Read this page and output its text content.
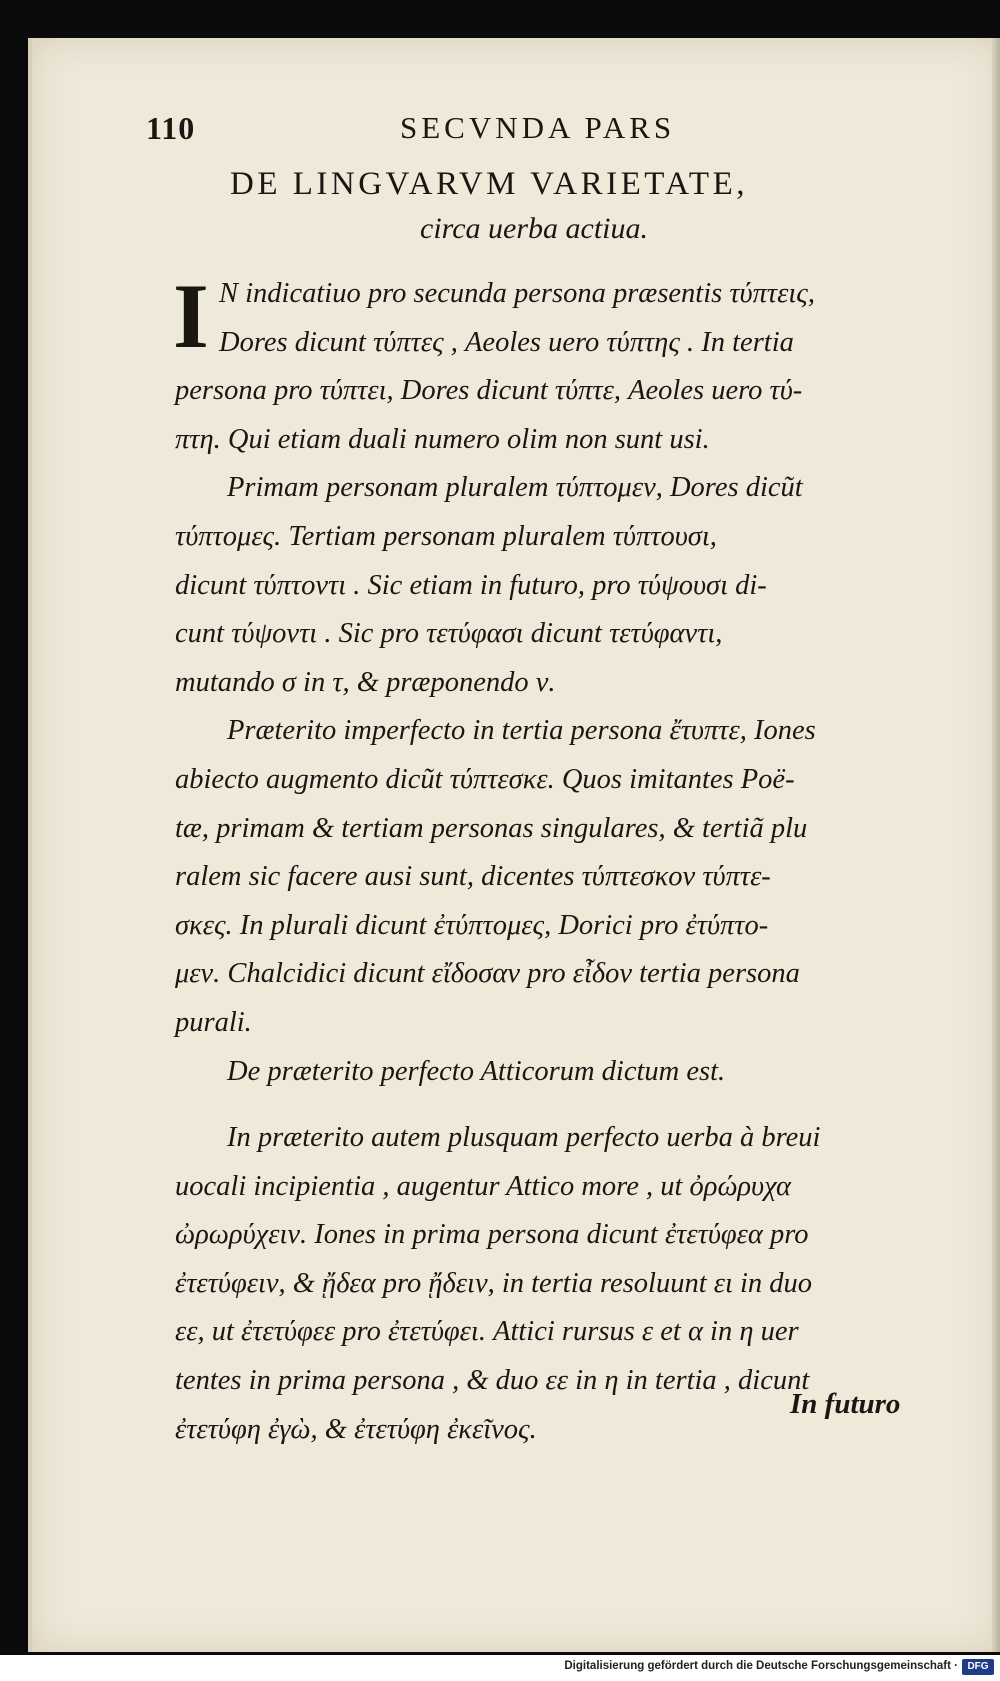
110	SECVNDA PARS
DE LINGVARVM VARIETATE,
circa uerba actiua.
I N indicatiuo pro secunda persona præsentis τύπτεις,
Dores dicunt τύπτες , Aeoles uero τύπτης . In tertia
persona pro τύπτει, Dores dicunt τύπτε, Aeoles uero τύ-
πτη. Qui etiam duali numero olim non sunt usi.
Primam personam pluralem τύπτομεν, Dores dicũt
τύπτομες. Tertiam personam pluralem τύπτουσι,
dicunt τύπτοντι . Sic etiam in futuro, pro τύψουσι di-
cunt τύψοντι . Sic pro τετύφασι dicunt τετύφαντι,
mutando σ in τ, & præponendo ν.
Præterito imperfecto in tertia persona ἔτυπτε, Iones
abiecto augmento dicũt τύπτεσκε. Quos imitantes Poë-
tæ, primam & tertiam personas singulares, & tertiã plu
ralem sic facere ausi sunt, dicentes τύπτεσκον τύπτε-
σκες. In plurali dicunt ἐτύπτομες, Dorici pro ἐτύπτο-
μεν. Chalcidici dicunt εἴδοσαν pro εἶδον tertia persona
purali.
De præterito perfecto Atticorum dictum est.
In præterito autem plusquam perfecto uerba à breui
uocali incipientia , augentur Attico more , ut ὀρώρυχα
ὠρωρύχειν. Iones in prima persona dicunt ἐτετύφεα pro
ἐτετύφειν, & ᾔδεα pro ᾔδειν, in tertia resoluunt ει in duo
εε, ut ἐτετύφεε pro ἐτετύφει. Attici rursus ε et α in η uer
tentes in prima persona , & duo εε in η in tertia , dicunt
ἐτετύφη ἐγὼ, & ἐτετύφη ἐκεῖνος.
In futuro
Digitalisierung gefördert durch die Deutsche Forschungsgemeinschaft · DFG
